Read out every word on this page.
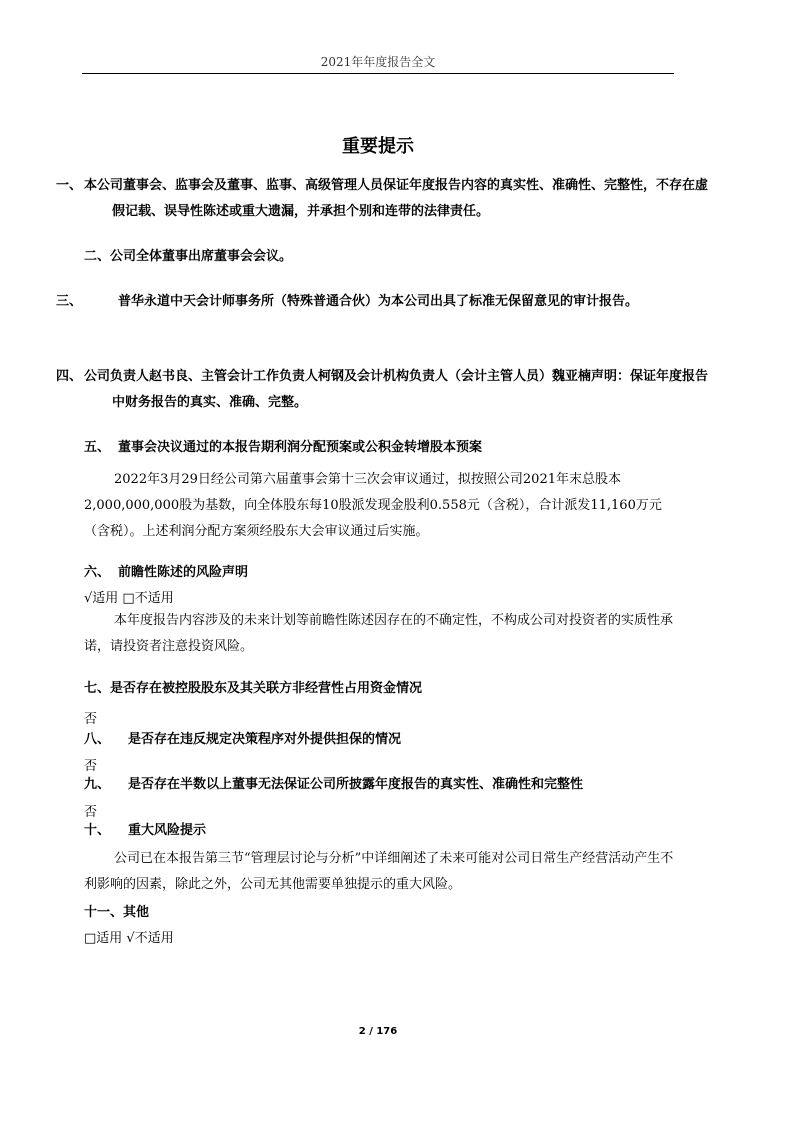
2021年年度报告全文
重要提示
一、 本公司董事会、监事会及董事、监事、高级管理人员保证年度报告内容的真实性、准确性、完整性，不存在虚假记载、误导性陈述或重大遗漏，并承担个别和连带的法律责任。
二、公司全体董事出席董事会会议。
三、	普华永道中天会计师事务所（特殊普通合伙）为本公司出具了标准无保留意见的审计报告。
四、 公司负责人赵书良、主管会计工作负责人柯钢及会计机构负责人（会计主管人员）魏亚楠声明：保证年度报告中财务报告的真实、准确、完整。
五、 董事会决议通过的本报告期利润分配预案或公积金转增股本预案
2022年3月29日经公司第六届董事会第十三次会审议通过，拟按照公司2021年末总股本2,000,000,000股为基数，向全体股东每10股派发现金股利0.558元（含税），合计派发11,160万元（含税）。上述利润分配方案须经股东大会审议通过后实施。
六、 前瞻性陈述的风险声明
√适用 □不适用
本年度报告内容涉及的未来计划等前瞻性陈述因存在的不确定性，不构成公司对投资者的实质性承诺，请投资者注意投资风险。
七、是否存在被控股股东及其关联方非经营性占用资金情况
否
八、 是否存在违反规定决策程序对外提供担保的情况
否
九、 是否存在半数以上董事无法保证公司所披露年度报告的真实性、准确性和完整性
否
十、 重大风险提示
公司已在本报告第三节“管理层讨论与分析”中详细阐述了未来可能对公司日常生产经营活动产生不利影响的因素，除此之外，公司无其他需要单独提示的重大风险。
十一、其他
□适用 √不适用
2 / 176
